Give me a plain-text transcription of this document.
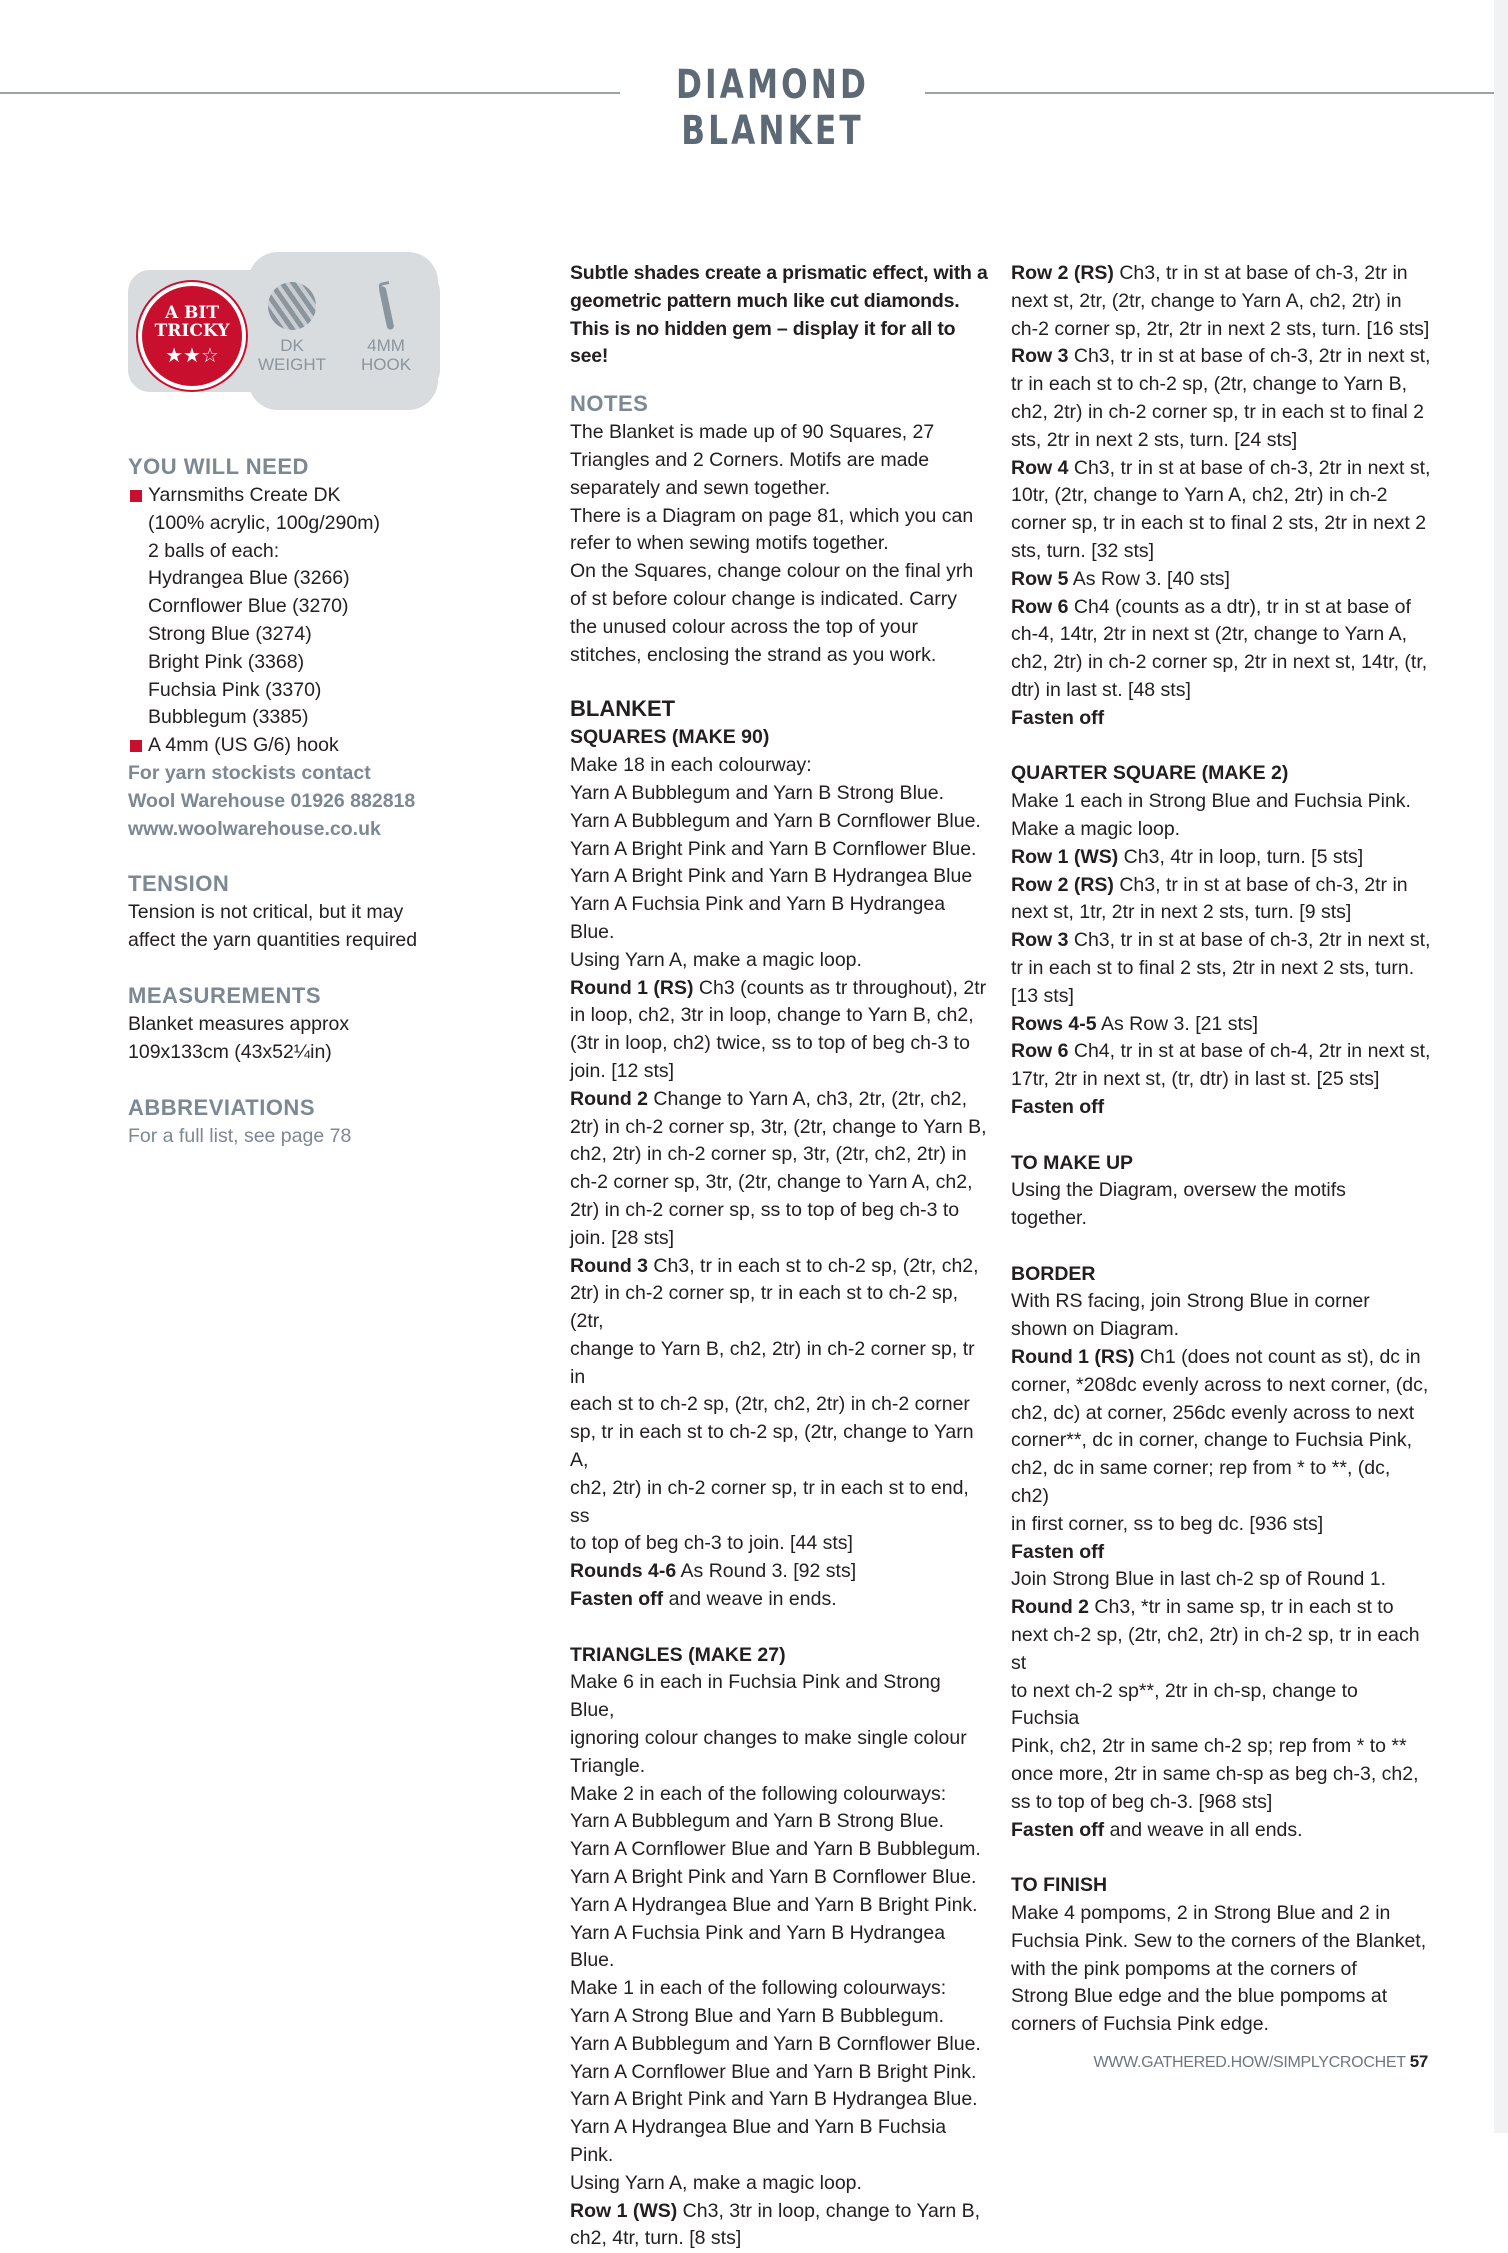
DIAMOND BLANKET
A BIT
TRICKY
★★☆	DK
WEIGHT
4MM
HOOK

YOU WILL NEED

Yarnsmiths Create DK

(100% acrylic, 100g/290m)

2 balls of each:

Hydrangea Blue (3266)

Cornflower Blue (3270)

Strong Blue (3274)

Bright Pink (3368)

Fuchsia Pink (3370)

Bubblegum (3385)

A 4mm (US G/6) hook

For yarn stockists contact

Wool Warehouse 01926 882818

www.woolwarehouse.co.uk

TENSION

Tension is not critical, but it may

affect the yarn quantities required

MEASUREMENTS

Blanket measures approx

109x133cm (43x52¼in)

ABBREVIATIONS

For a full list, see page 78

Subtle shades create a prismatic effect, with a

geometric pattern much like cut diamonds.

This is no hidden gem – display it for all to see!

NOTES

The Blanket is made up of 90 Squares, 27

Triangles and 2 Corners. Motifs are made

separately and sewn together.

There is a Diagram on page 81, which you can

refer to when sewing motifs together.

On the Squares, change colour on the final yrh

of st before colour change is indicated. Carry

the unused colour across the top of your

stitches, enclosing the strand as you work.

BLANKET

SQUARES (MAKE 90)

Make 18 in each colourway:

Yarn A Bubblegum and Yarn B Strong Blue.

Yarn A Bubblegum and Yarn B Cornflower Blue.

Yarn A Bright Pink and Yarn B Cornflower Blue.

Yarn A Bright Pink and Yarn B Hydrangea Blue

Yarn A Fuchsia Pink and Yarn B Hydrangea Blue.

Using Yarn A, make a magic loop.

Round 1 (RS) Ch3 (counts as tr throughout), 2tr

in loop, ch2, 3tr in loop, change to Yarn B, ch2,

(3tr in loop, ch2) twice, ss to top of beg ch-3 to

join. [12 sts]

Round 2 Change to Yarn A, ch3, 2tr, (2tr, ch2,

2tr) in ch-2 corner sp, 3tr, (2tr, change to Yarn B,

ch2, 2tr) in ch-2 corner sp, 3tr, (2tr, ch2, 2tr) in

ch-2 corner sp, 3tr, (2tr, change to Yarn A, ch2,

2tr) in ch-2 corner sp, ss to top of beg ch-3 to

join. [28 sts]

Round 3 Ch3, tr in each st to ch-2 sp, (2tr, ch2,

2tr) in ch-2 corner sp, tr in each st to ch-2 sp, (2tr,

change to Yarn B, ch2, 2tr) in ch-2 corner sp, tr in

each st to ch-2 sp, (2tr, ch2, 2tr) in ch-2 corner

sp, tr in each st to ch-2 sp, (2tr, change to Yarn A,

ch2, 2tr) in ch-2 corner sp, tr in each st to end, ss

to top of beg ch-3 to join. [44 sts]

Rounds 4-6 As Round 3. [92 sts]

Fasten off and weave in ends.

TRIANGLES (MAKE 27)

Make 6 in each in Fuchsia Pink and Strong Blue,

ignoring colour changes to make single colour

Triangle.

Make 2 in each of the following colourways:

Yarn A Bubblegum and Yarn B Strong Blue.

Yarn A Cornflower Blue and Yarn B Bubblegum.

Yarn A Bright Pink and Yarn B Cornflower Blue.

Yarn A Hydrangea Blue and Yarn B Bright Pink.

Yarn A Fuchsia Pink and Yarn B Hydrangea Blue.

Make 1 in each of the following colourways:

Yarn A Strong Blue and Yarn B Bubblegum.

Yarn A Bubblegum and Yarn B Cornflower Blue.

Yarn A Cornflower Blue and Yarn B Bright Pink.

Yarn A Bright Pink and Yarn B Hydrangea Blue.

Yarn A Hydrangea Blue and Yarn B Fuchsia Pink.

Using Yarn A, make a magic loop.

Row 1 (WS) Ch3, 3tr in loop, change to Yarn B,

ch2, 4tr, turn. [8 sts]

Row 2 (RS) Ch3, tr in st at base of ch-3, 2tr in

next st, 2tr, (2tr, change to Yarn A, ch2, 2tr) in

ch-2 corner sp, 2tr, 2tr in next 2 sts, turn. [16 sts]

Row 3 Ch3, tr in st at base of ch-3, 2tr in next st,

tr in each st to ch-2 sp, (2tr, change to Yarn B,

ch2, 2tr) in ch-2 corner sp, tr in each st to final 2

sts, 2tr in next 2 sts, turn. [24 sts]

Row 4 Ch3, tr in st at base of ch-3, 2tr in next st,

10tr, (2tr, change to Yarn A, ch2, 2tr) in ch-2

corner sp, tr in each st to final 2 sts, 2tr in next 2

sts, turn. [32 sts]

Row 5 As Row 3. [40 sts]

Row 6 Ch4 (counts as a dtr), tr in st at base of

ch-4, 14tr, 2tr in next st (2tr, change to Yarn A,

ch2, 2tr) in ch-2 corner sp, 2tr in next st, 14tr, (tr,

dtr) in last st. [48 sts]

Fasten off

QUARTER SQUARE (MAKE 2)

Make 1 each in Strong Blue and Fuchsia Pink.

Make a magic loop.

Row 1 (WS) Ch3, 4tr in loop, turn. [5 sts]

Row 2 (RS) Ch3, tr in st at base of ch-3, 2tr in

next st, 1tr, 2tr in next 2 sts, turn. [9 sts]

Row 3 Ch3, tr in st at base of ch-3, 2tr in next st,

tr in each st to final 2 sts, 2tr in next 2 sts, turn.

[13 sts]

Rows 4-5 As Row 3. [21 sts]

Row 6 Ch4, tr in st at base of ch-4, 2tr in next st,

17tr, 2tr in next st, (tr, dtr) in last st. [25 sts]

Fasten off

TO MAKE UP

Using the Diagram, oversew the motifs

together.

BORDER

With RS facing, join Strong Blue in corner

shown on Diagram.

Round 1 (RS) Ch1 (does not count as st), dc in

corner, *208dc evenly across to next corner, (dc,

ch2, dc) at corner, 256dc evenly across to next

corner**, dc in corner, change to Fuchsia Pink,

ch2, dc in same corner; rep from * to **, (dc, ch2)

in first corner, ss to beg dc. [936 sts]

Fasten off

Join Strong Blue in last ch-2 sp of Round 1.

Round 2 Ch3, *tr in same sp, tr in each st to

next ch-2 sp, (2tr, ch2, 2tr) in ch-2 sp, tr in each st

to next ch-2 sp**, 2tr in ch-sp, change to Fuchsia

Pink, ch2, 2tr in same ch-2 sp; rep from * to **

once more, 2tr in same ch-sp as beg ch-3, ch2,

ss to top of beg ch-3. [968 sts]

Fasten off and weave in all ends.

TO FINISH

Make 4 pompoms, 2 in Strong Blue and 2 in

Fuchsia Pink. Sew to the corners of the Blanket,

with the pink pompoms at the corners of

Strong Blue edge and the blue pompoms at

corners of Fuchsia Pink edge.

WWW.GATHERED.HOW/SIMPLYCROCHET 57
